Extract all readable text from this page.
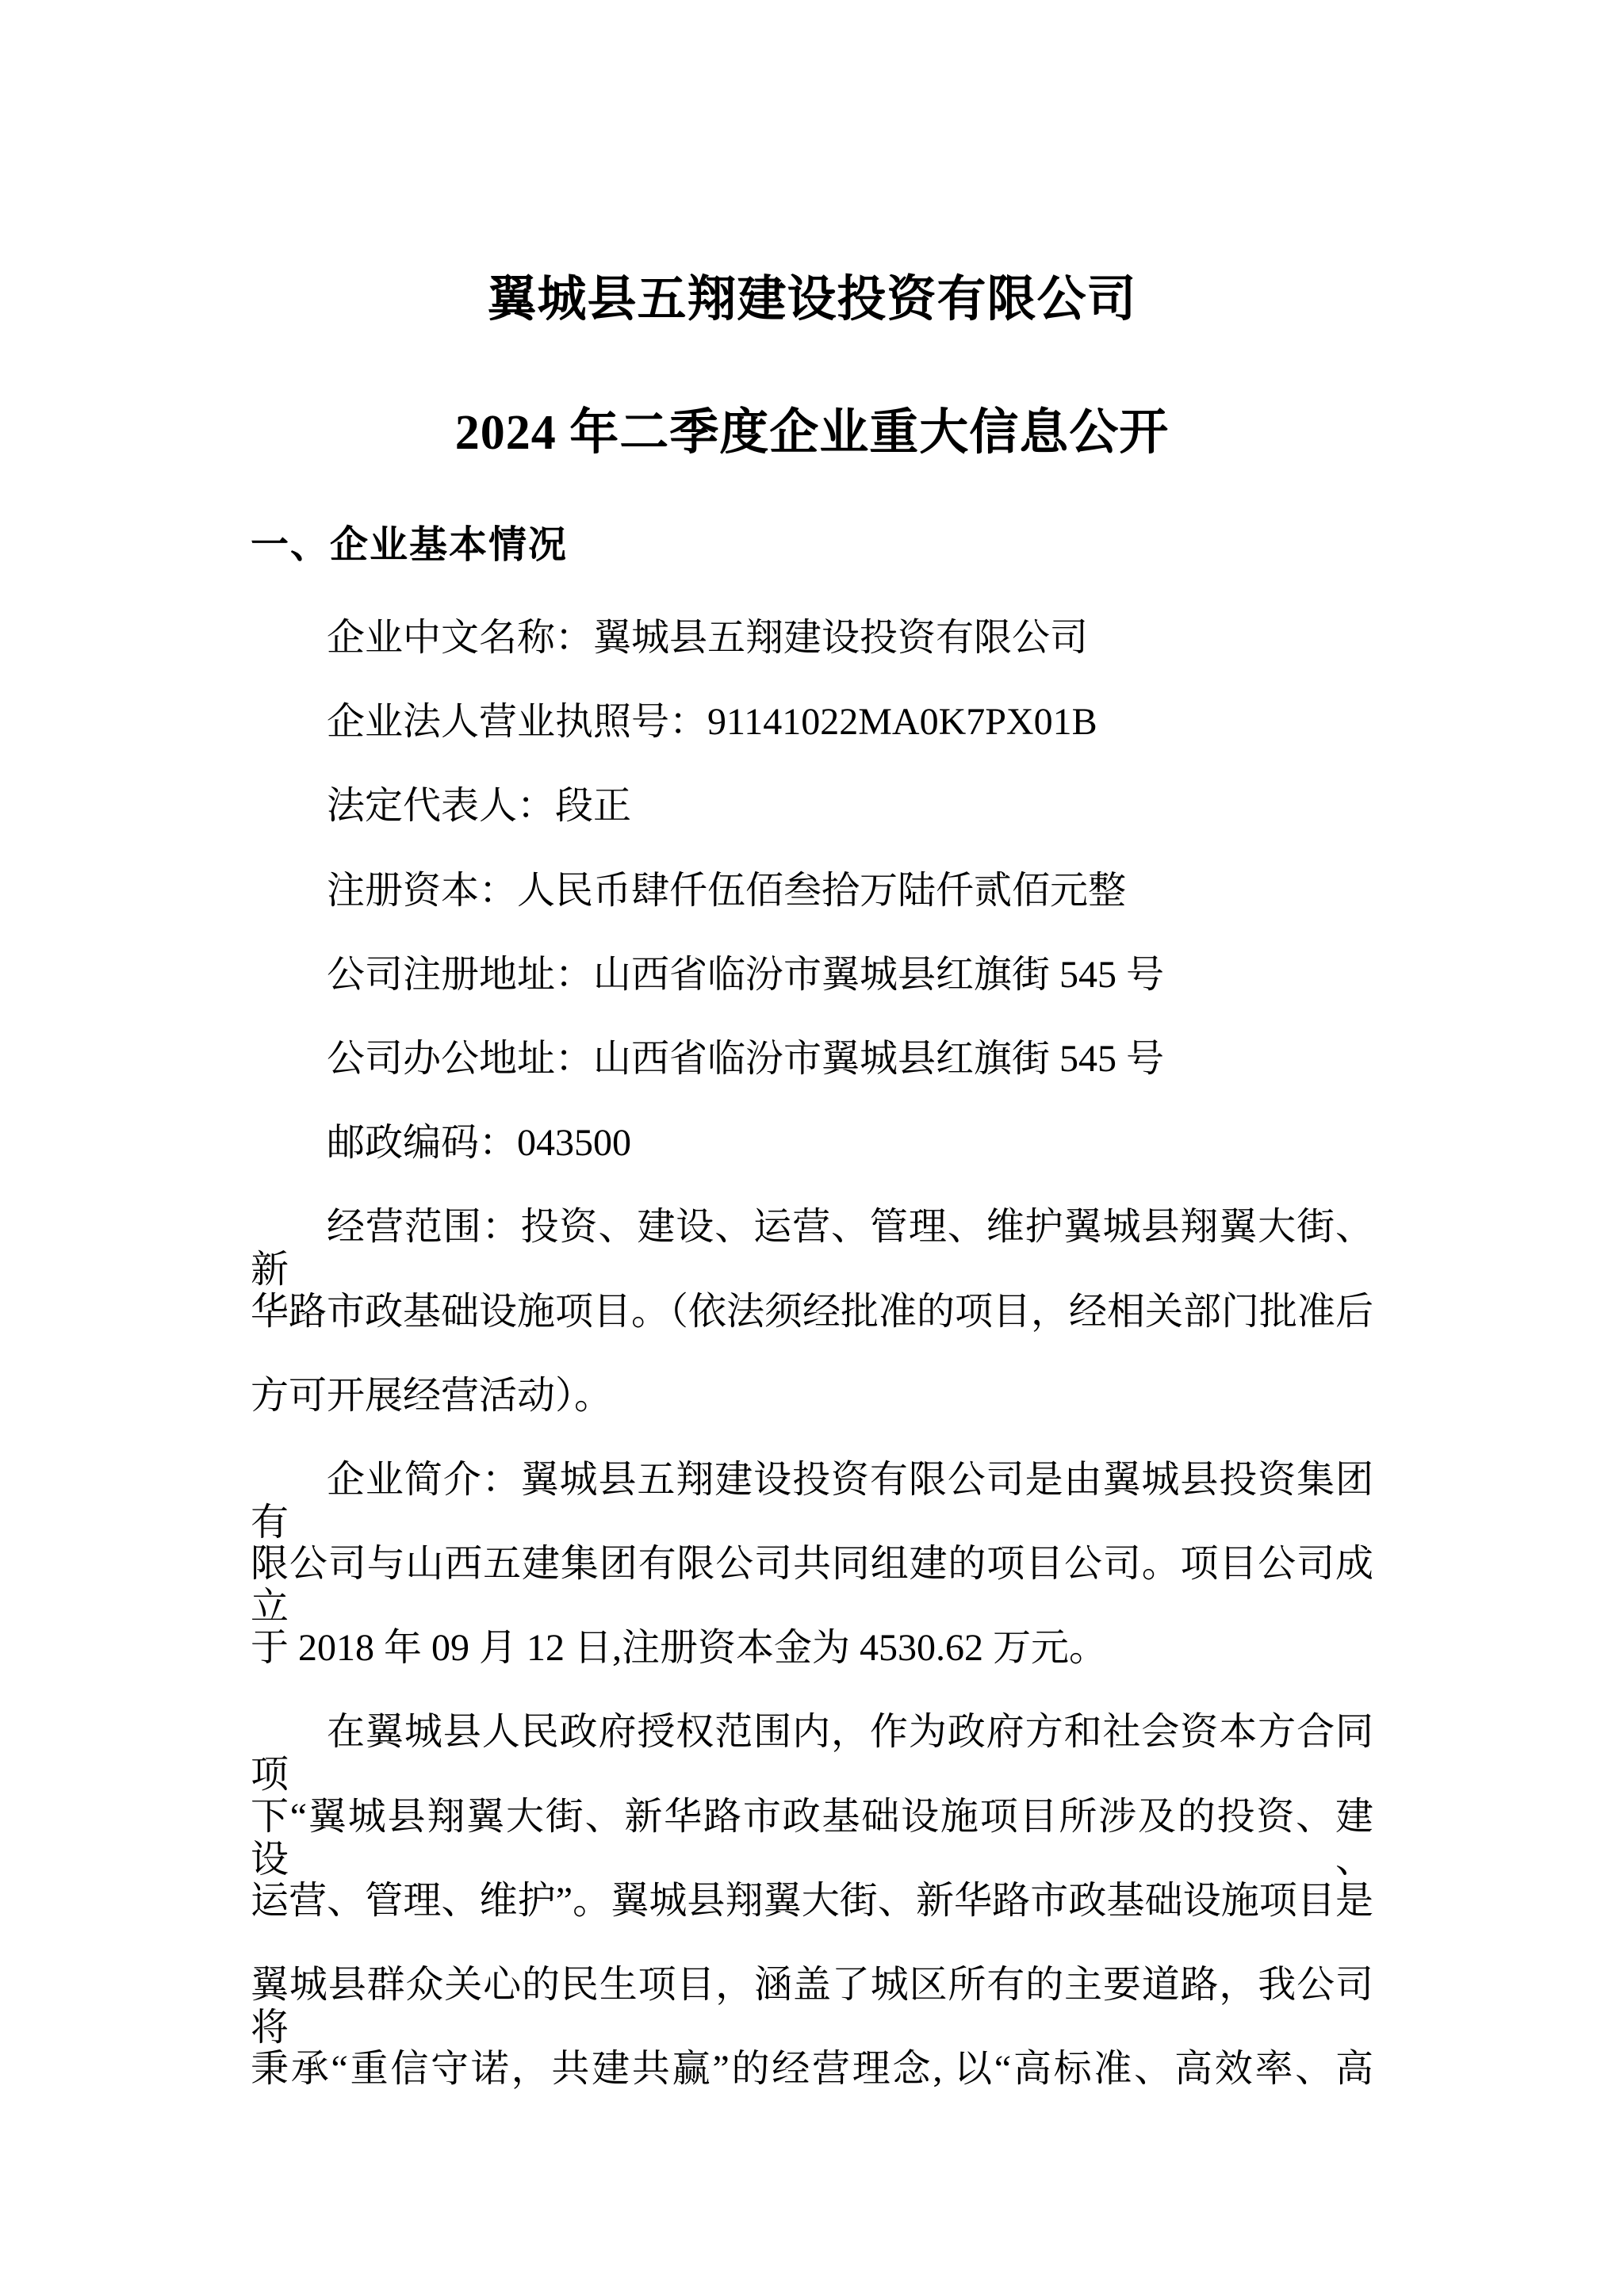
翼城县五翔建设投资有限公司
2024 年二季度企业重大信息公开
一、企业基本情况
企业中文名称：翼城县五翔建设投资有限公司
企业法人营业执照号：91141022MA0K7PX01B
法定代表人：段正
注册资本：人民币肆仟伍佰叁拾万陆仟贰佰元整
公司注册地址：山西省临汾市翼城县红旗街 545 号
公司办公地址：山西省临汾市翼城县红旗街 545 号
邮政编码：043500
经营范围：投资、建设、运营、管理、维护翼城县翔翼大街、新
华路市政基础设施项目。（依法须经批准的项目，经相关部门批准后
方可开展经营活动）。
企业简介：翼城县五翔建设投资有限公司是由翼城县投资集团有
限公司与山西五建集团有限公司共同组建的项目公司。项目公司成立
于 2018 年 09 月 12 日,注册资本金为 4530.62 万元。
在翼城县人民政府授权范围内，作为政府方和社会资本方合同项
下“翼城县翔翼大街、新华路市政基础设施项目所涉及的投资、建设、
运营、管理、维护”。翼城县翔翼大街、新华路市政基础设施项目是
翼城县群众关心的民生项目，涵盖了城区所有的主要道路，我公司将
秉承“重信守诺，共建共赢”的经营理念, 以“高标准、高效率、高
